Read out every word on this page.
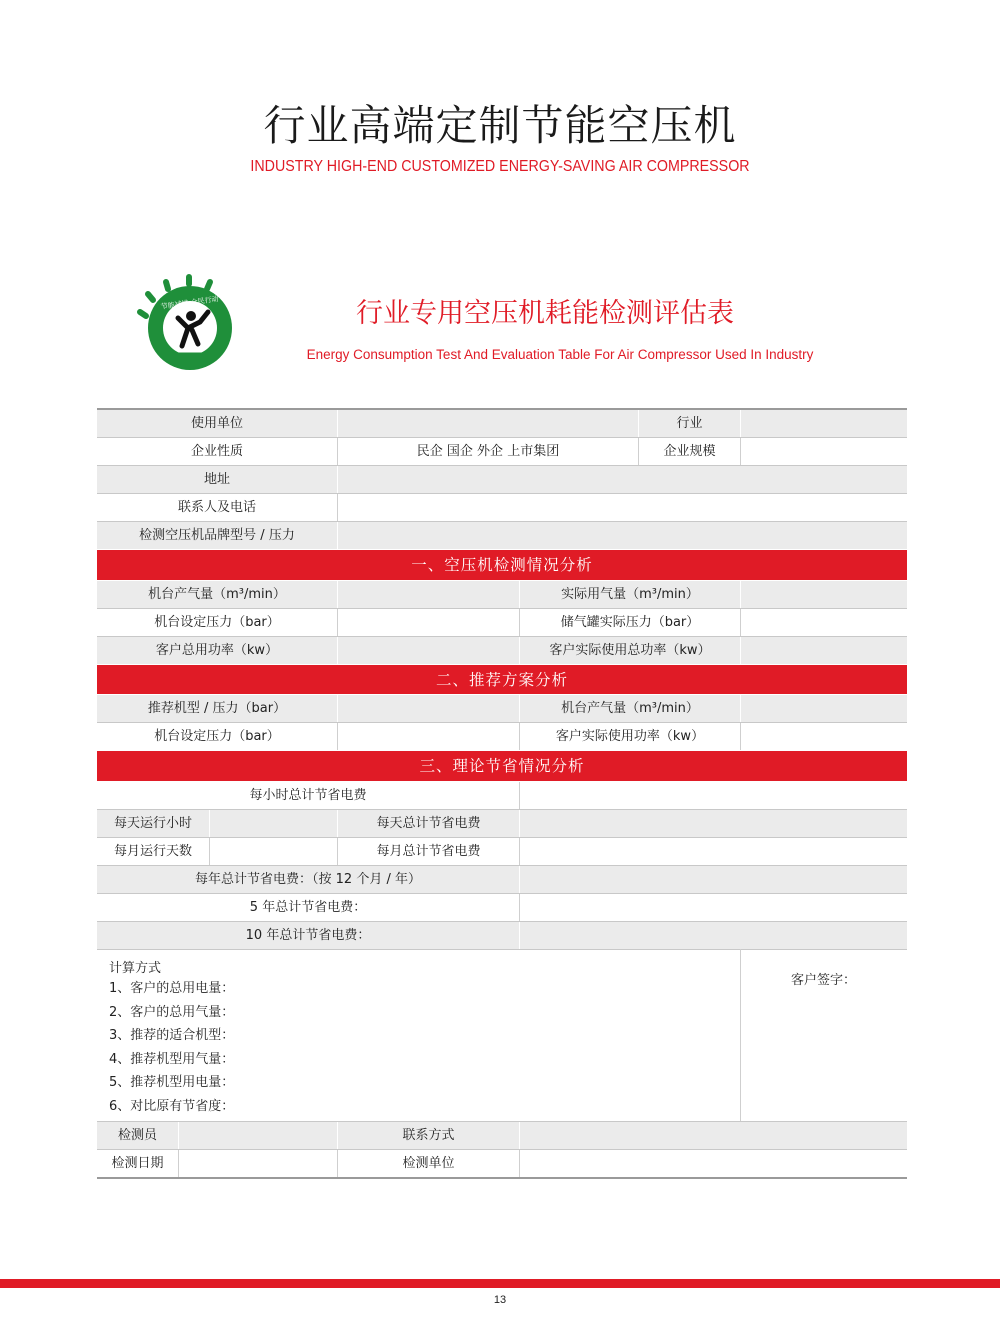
行业高端定制节能空压机
INDUSTRY HIGH-END CUSTOMIZED ENERGY-SAVING AIR COMPRESSOR
节能减排 全民行动	行业专用空压机耗能检测评估表
Energy Consumption Test And Evaluation Table For Air Compressor Used In Industry
使用单位	行业
企业性质	民企 国企 外企 上市集团	企业规模
地址
联系人及电话
检测空压机品牌型号 / 压力
一、空压机检测情况分析
机台产气量（m³/min）	实际用气量（m³/min）
机台设定压力（bar）	储气罐实际压力（bar）
客户总用功率（kw）	客户实际使用总功率（kw）
二、推荐方案分析
推荐机型 / 压力（bar）	机台产气量（m³/min）
机台设定压力（bar）	客户实际使用功率（kw）
三、理论节省情况分析
每小时总计节省电费
每天运行小时	每天总计节省电费
每月运行天数	每月总计节省电费
每年总计节省电费：（按 12 个月 / 年）
5 年总计节省电费：
10 年总计节省电费：
计算方式
1、客户的总用电量：
2、客户的总用气量：
3、推荐的适合机型：
4、推荐机型用气量：
5、推荐机型用电量：
6、对比原有节省度：
客户签字：
检测员	联系方式
检测日期	检测单位
13
